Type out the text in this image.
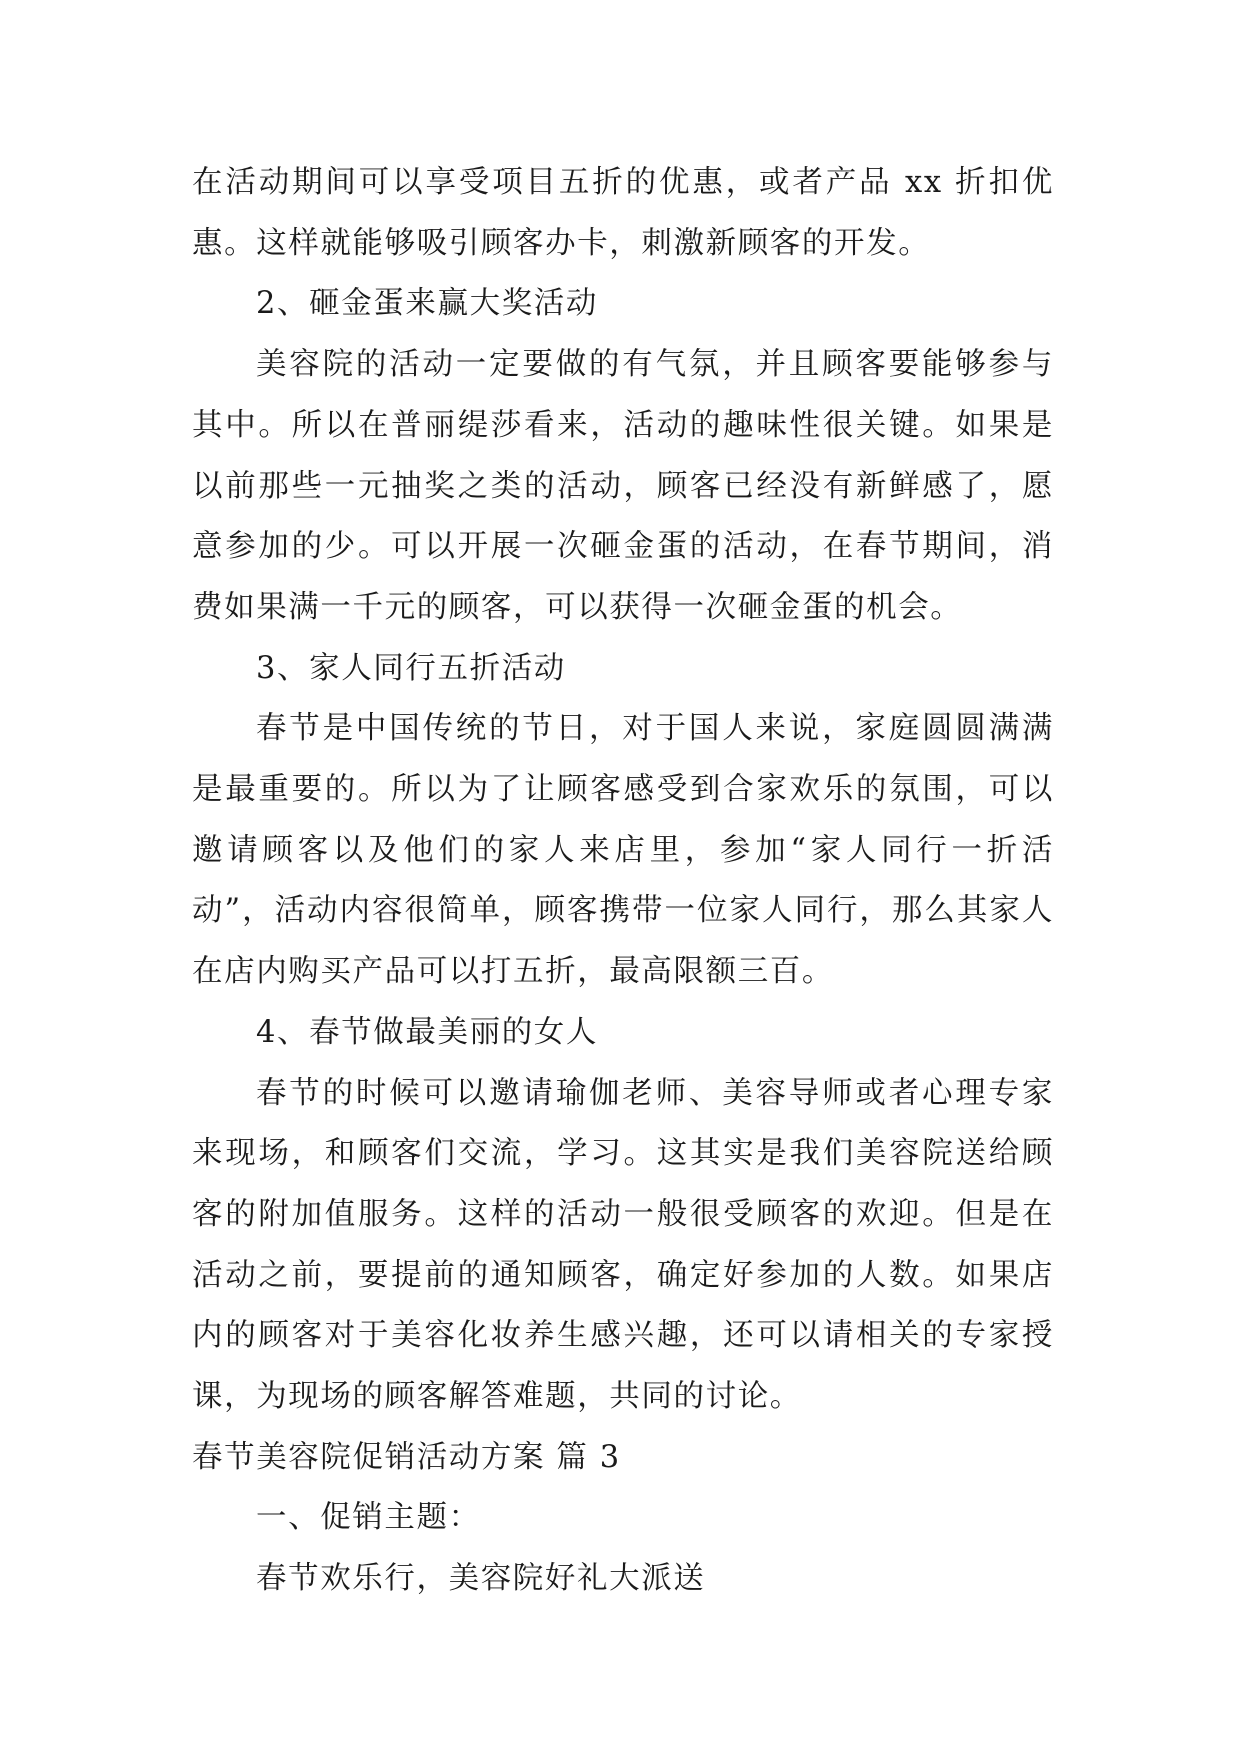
在活动期间可以享受项目五折的优惠，或者产品 xx 折扣优惠。这样就能够吸引顾客办卡，刺激新顾客的开发。

2、砸金蛋来赢大奖活动

美容院的活动一定要做的有气氛，并且顾客要能够参与其中。所以在普丽缇莎看来，活动的趣味性很关键。如果是以前那些一元抽奖之类的活动，顾客已经没有新鲜感了，愿意参加的少。可以开展一次砸金蛋的活动，在春节期间，消费如果满一千元的顾客，可以获得一次砸金蛋的机会。

3、家人同行五折活动

春节是中国传统的节日，对于国人来说，家庭圆圆满满是最重要的。所以为了让顾客感受到合家欢乐的氛围，可以邀请顾客以及他们的家人来店里，参加“家人同行一折活动”，活动内容很简单，顾客携带一位家人同行，那么其家人在店内购买产品可以打五折，最高限额三百。

4、春节做最美丽的女人

春节的时候可以邀请瑜伽老师、美容导师或者心理专家来现场，和顾客们交流，学习。这其实是我们美容院送给顾客的附加值服务。这样的活动一般很受顾客的欢迎。但是在活动之前，要提前的通知顾客，确定好参加的人数。如果店内的顾客对于美容化妆养生感兴趣，还可以请相关的专家授课，为现场的顾客解答难题，共同的讨论。

春节美容院促销活动方案 篇 3

一、促销主题：

春节欢乐行，美容院好礼大派送
